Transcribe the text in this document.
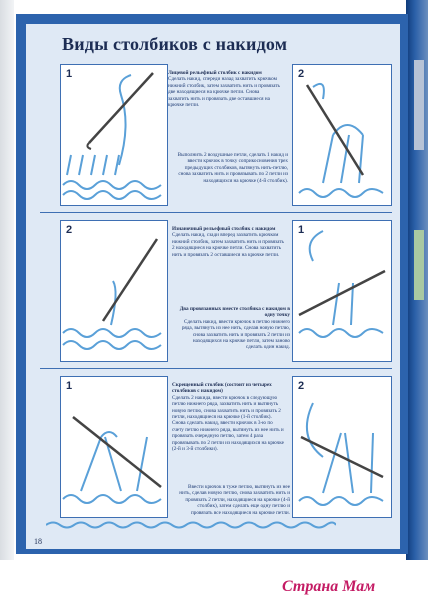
Виды столбиков с накидом
1	Лицевой рельефный столбик с накидом
Сделать накид, спереди назад захватить крючком нижний столбик, затем захватить нить и провязать две находящиеся на крючке петли. Снова захватить нить и провязать две оставшиеся на крючке петли.
2
Выполнить 2 воздушные петли, сделать 1 накид и ввести крючок в точку соприкосновения трех предыдущих столбиков, вытянуть нить-петлю, снова захватить нить и провязывать по 2 петли из находящихся на крючке (4-й столбик).
2	Изнаночный рельефный столбик с накидом
Сделать накид, сзади вперед захватить крючком нижний столбик, затем захватить нить и провязать 2 находящиеся на крючке петли. Снова захватить нить и провязать 2 оставшиеся на крючке петли.
1
Два провязанных вместе столбика с накидом в одну точку
Сделать накид, ввести крючок в петлю нижнего ряда, вытянуть из нее нить, сделав новую петлю, снова захватить нить и провязать 2 петли из находящихся на крючке петли, затем заново сделать один накид.
1	Скрещенный столбик (состоит из четырех столбиков с накидом)
Сделать 2 накида, ввести крючок в следующую петлю нижнего ряда, захватить нить и вытянуть новую петлю, снова захватить нить и провязать 2 петли, находящиеся на крючке (1-й столбик). Снова сделать накид, ввести крючок в 3-ю по счету петлю нижнего ряда, вытянуть из нее нить и провязать очередную петлю, затем 4 раза провязывать по 2 петли из находящихся на крючке (2-й и 3-й столбики).
2
Ввести крючок в туже петлю, вытянуть из нее нить, сделав новую петлю, снова захватить нить и провязать 2 петли, находящиеся на крючке (4-й столбик), затем сделать еще одну петлю и провязать все находящиеся на крючке петли.
18
Страна Мам
